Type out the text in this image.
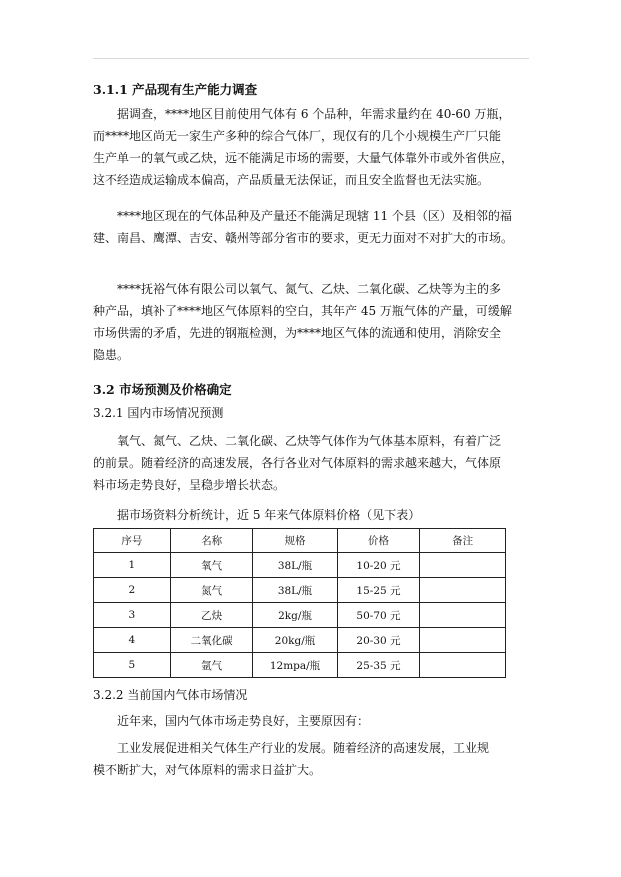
3.1.1 产品现有生产能力调查
据调查，****地区目前使用气体有 6 个品种，年需求量约在 40-60 万瓶，
而****地区尚无一家生产多种的综合气体厂，现仅有的几个小规模生产厂只能
生产单一的氧气或乙炔，远不能满足市场的需要，大量气体靠外市或外省供应，
这不经造成运输成本偏高，产品质量无法保证，而且安全监督也无法实施。
****地区现在的气体品种及产量还不能满足现辖 11 个县（区）及相邻的福
建、南昌、鹰潭、吉安、赣州等部分省市的要求，更无力面对不对扩大的市场。
****抚裕气体有限公司以氧气、氮气、乙炔、二氧化碳、乙炔等为主的多
种产品，填补了****地区气体原料的空白，其年产 45 万瓶气体的产量，可缓解
市场供需的矛盾，先进的钢瓶检测，为****地区气体的流通和使用，消除安全
隐患。
3.2 市场预测及价格确定
3.2.1 国内市场情况预测
氧气、氮气、乙炔、二氧化碳、乙炔等气体作为气体基本原料，有着广泛
的前景。随着经济的高速发展，各行各业对气体原料的需求越来越大，气体原
料市场走势良好，呈稳步增长状态。
据市场资料分析统计，近 5 年来气体原料价格（见下表）
序号	名称	规格	价格	备注
1	氧气	38L/瓶	10-20 元	
2	氮气	38L/瓶	15-25 元	
3	乙炔	2kg/瓶	50-70 元	
4	二氧化碳	20kg/瓶	20-30 元	
5	氩气	12mpa/瓶	25-35 元	
3.2.2 当前国内气体市场情况
近年来，国内气体市场走势良好，主要原因有：
工业发展促进相关气体生产行业的发展。随着经济的高速发展，工业规
模不断扩大，对气体原料的需求日益扩大。
